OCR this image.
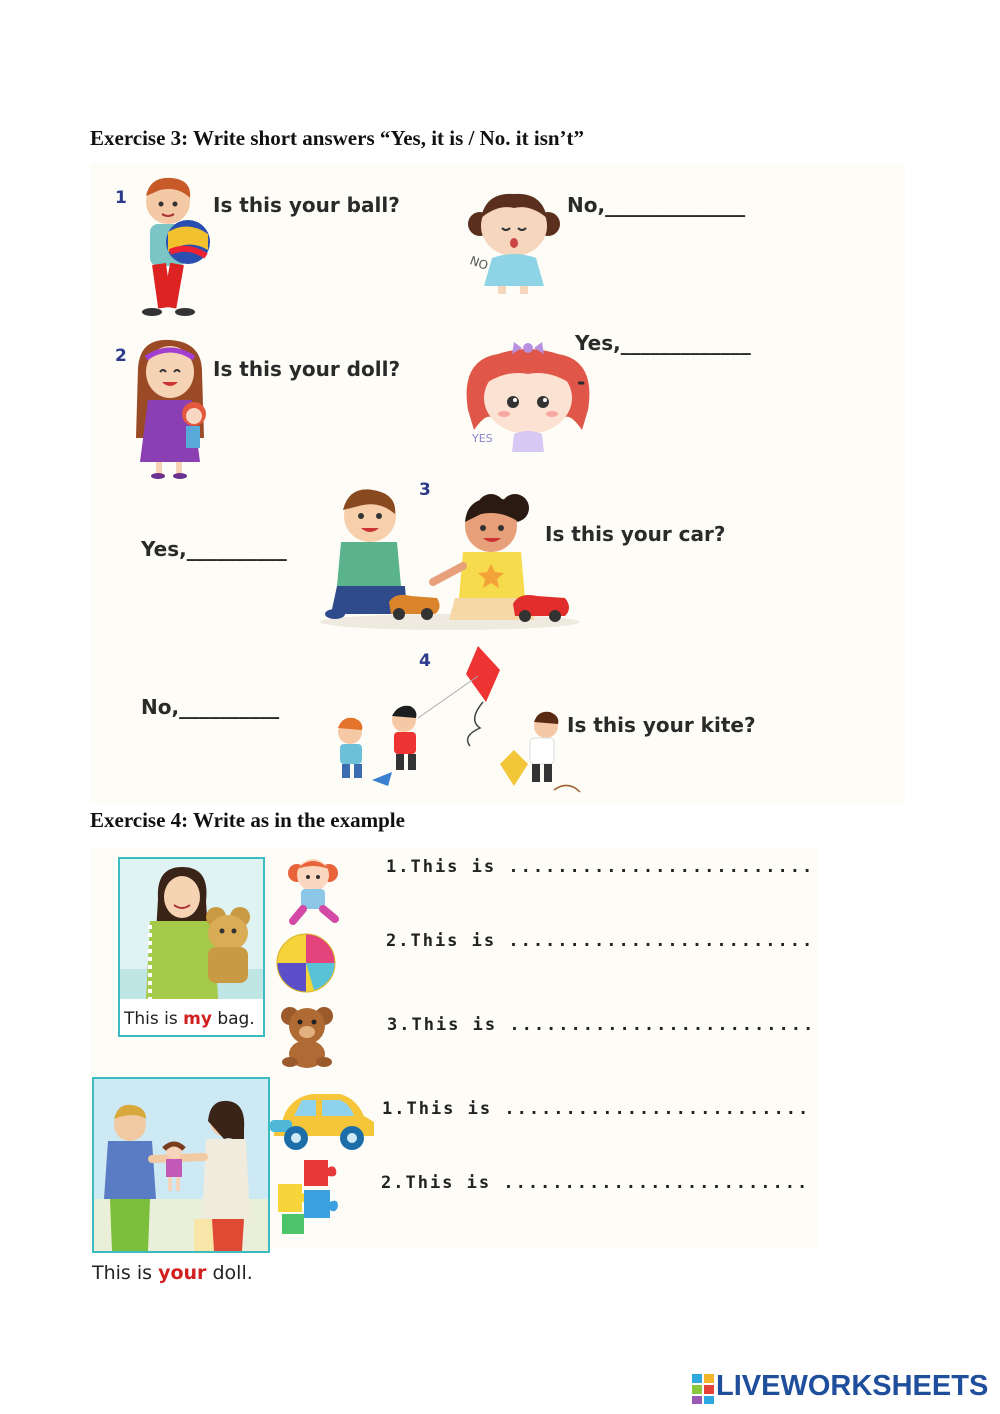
Exercise 3: Write short answers “Yes, it is / No. it isn’t”
1	Is this your ball?
NO
No,______________
2
Is this your doll?
YES
Yes,_____________
-
3
Yes,__________
Is this your car?
4
No,__________
Is this your kite?
Exercise 4: Write as in the example
This is my bag.
1.This is .........................
2.This is .........................
3.This is .........................
This is your doll.
1.This is .........................
2.This is .........................
LIVEWORKSHEETS
